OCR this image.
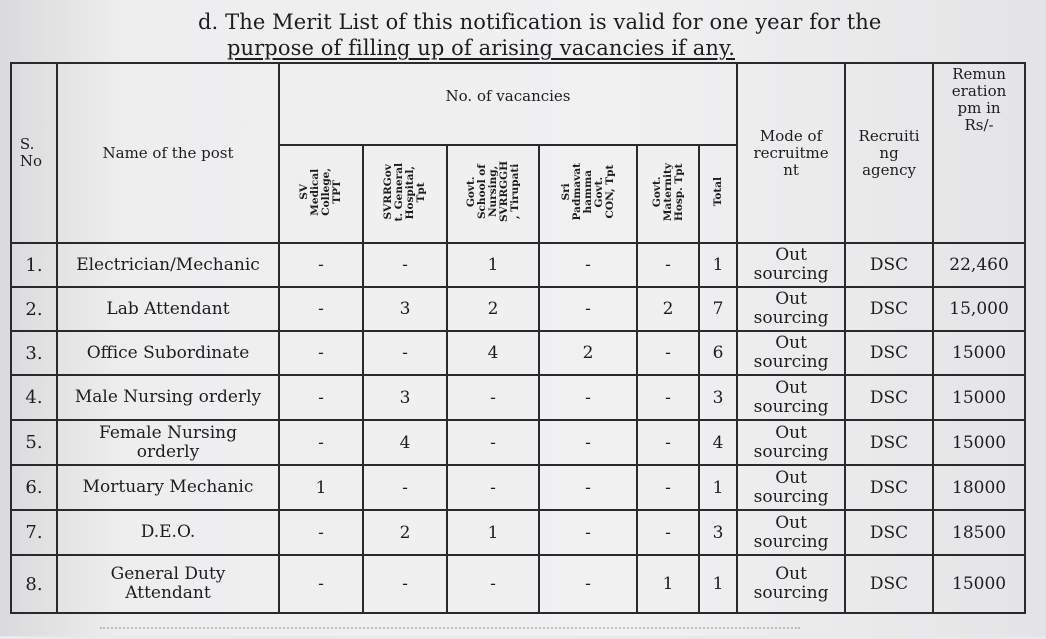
d. The Merit List of this notification is valid for one year for the
purpose of filling up of arising vacancies if any.
S.
No	Name of the post	No. of vacancies						Mode of
recruitme
nt	Recruiti
ng
agency	Remun
eration
pm in
Rs/-

		SV
Medical
College,
TPT	SVRRGov
t. General
Hospital,
Tpt	Govt.
School of
Nursing,
SVRRGGH
, Tirupati	Sri
Padmavat
hamma
Govt.
CON, Tpt	Govt.
Maternity
Hosp. Tpt	Total			
1.	Electrician/Mechanic	-	-	1	-	-	1	Out
sourcing	DSC	22,460
2.	Lab Attendant	-	3	2	-	2	7	Out
sourcing	DSC	15,000
3.	Office Subordinate	-	-	4	2	-	6	Out
sourcing	DSC	15000
4.	Male Nursing orderly	-	3	-	-	-	3	Out
sourcing	DSC	15000
5.	Female Nursing
orderly	-	4	-	-	-	4	Out
sourcing	DSC	15000
6.	Mortuary Mechanic	1	-	-	-	-	1	Out
sourcing	DSC	18000
7.	D.E.O.	-	2	1	-	-	3	Out
sourcing	DSC	18500
8.	General Duty
Attendant	-	-	-	-	1	1	Out
sourcing	DSC	15000
